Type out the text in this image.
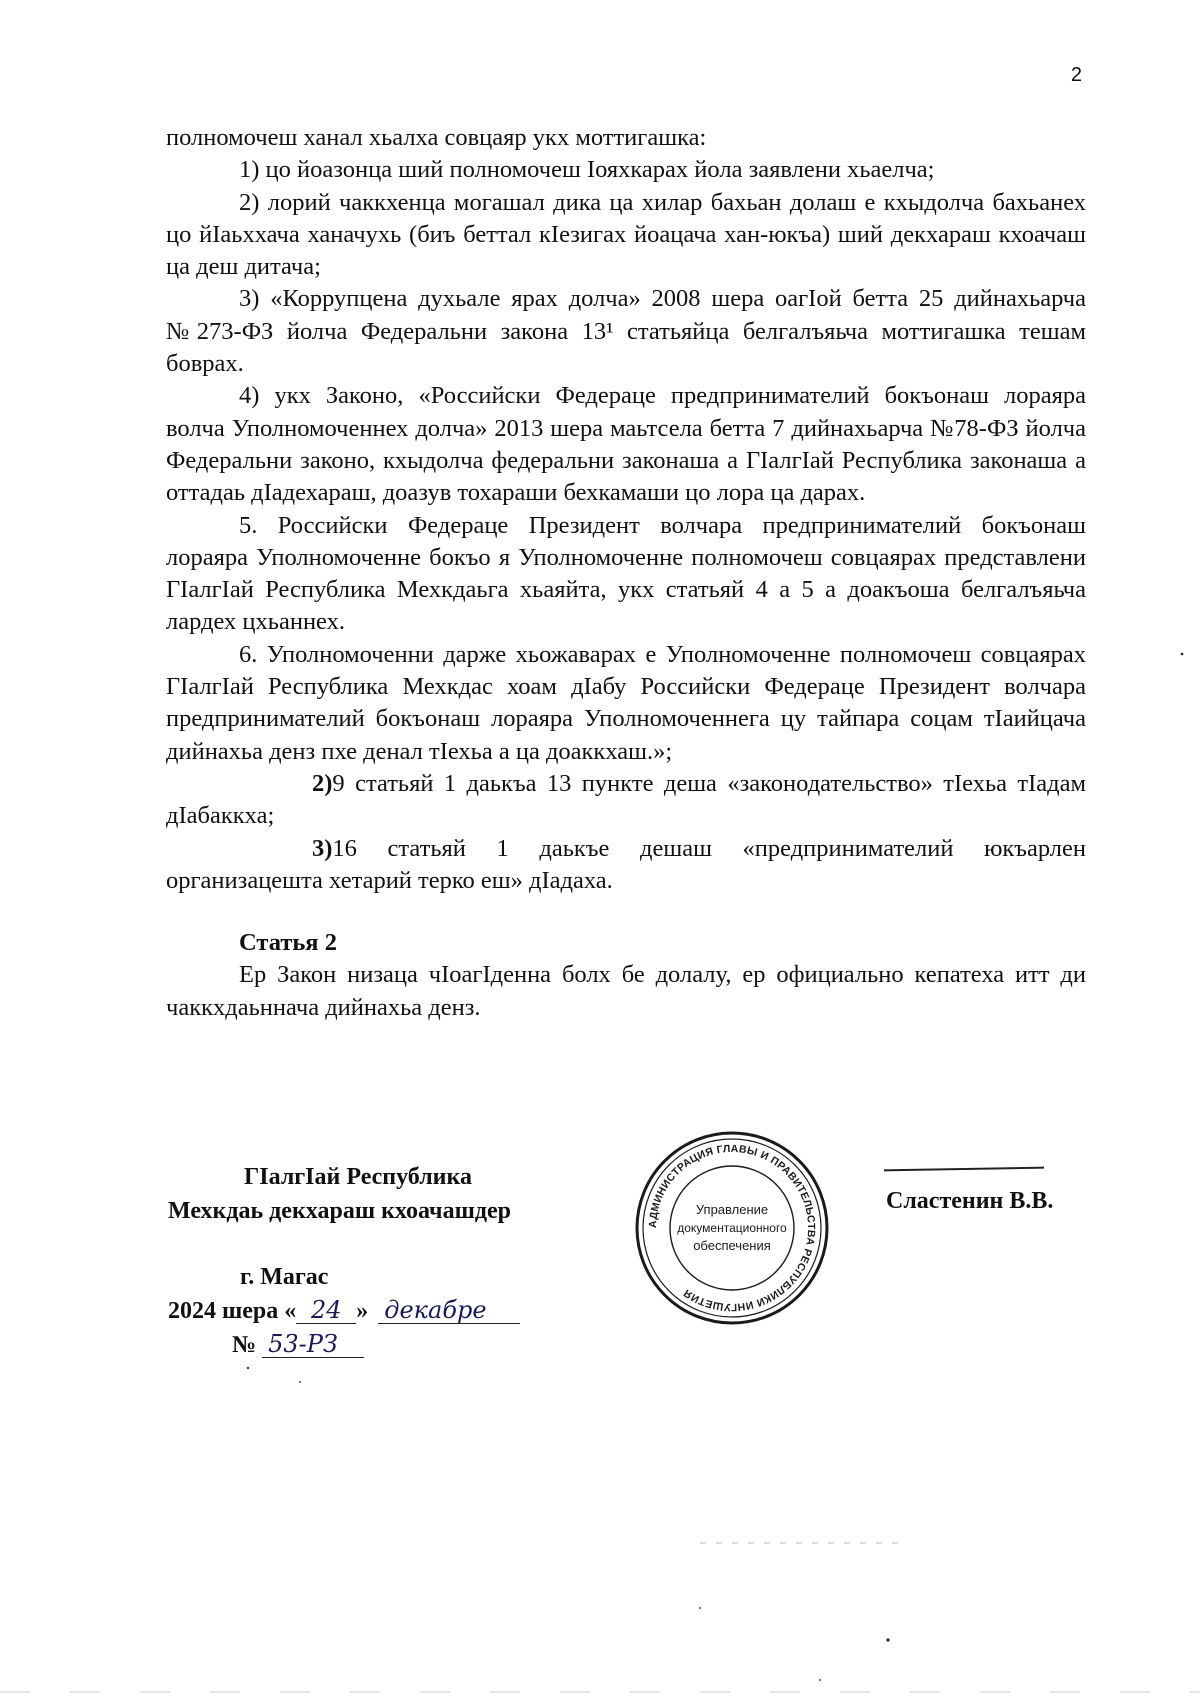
2

полномочеш ханал хьалха совцаяр укх моттигашка:

1) цо йоазонца ший полномочеш Іояхкарах йола заявлени хьаелча;

2) лорий чаккхенца могашал дика ца хилар бахьан долаш е кхыдолча бахьанех цо йІаьххача ханачухь (биъ беттал кІезигах йоацача хан-юкъа) ший декхараш кхоачаш ца деш дитача;

3) «Коррупцена духьале ярах долча» 2008 шера оагІой бетта 25 дийнахьарча №273-ФЗ йолча Федеральни закона 13¹ статьяйца белгалъяьча моттигашка тешам боврах.

4) укх Законо, «Российски Федераце предпринимателий бокъонаш лораяра волча Уполномоченнех долча» 2013 шера маьтсела бетта 7 дийнахьарча №78-ФЗ йолча Федеральни законо, кхыдолча федеральни законаша а ГІалгІай Республика законаша а оттадаь дІадехараш, доазув тохараши бехкамаши цо лора ца дарах.

5. Российски Федераце Президент волчара предпринимателий бокъонаш лораяра Уполномоченне бокъо я Уполномоченне полномочеш совцаярах представлени ГІалгІай Республика Мехкдаьга хьаяйта, укх статьяй 4 а 5 а доакъоша белгалъяьча лардех цхьаннех.

6. Уполномоченни дарже хьожаварах е Уполномоченне полномочеш совцаярах ГІалгІай Республика Мехкдас хоам дІабу Российски Федераце Президент волчара предпринимателий бокъонаш лораяра Уполномоченнега цу тайпара соцам тІаийцача дийнахьа денз пхе денал тІехьа а ца доаккхаш.»;

2)9 статьяй 1 даькъа 13 пункте деша «законодательство» тІехьа тІадам дІабаккха;

3)16 статьяй 1 даькъе дешаш «предпринимателий юкъарлен организацешта хетарий терко еш» дІадаха.

Статья 2

Ер Закон низаца чІоагІденна болх бе долалу, ер официально кепатеха итт ди чаккхдаьннача дийнахьа денз.

ГІалгІай Республика
Мехкдаь декхараш кхоачашдер
г. Магас
2024 шера « 24 » декабре
№ 53-РЗ
АДМИНИСТРАЦИЯ ГЛАВЫ И ПРАВИТЕЛЬСТВА РЕСПУБЛИКИ ИНГУШЕТИЯ
Управление
документационного
обеспечения
Сластенин В.В.
